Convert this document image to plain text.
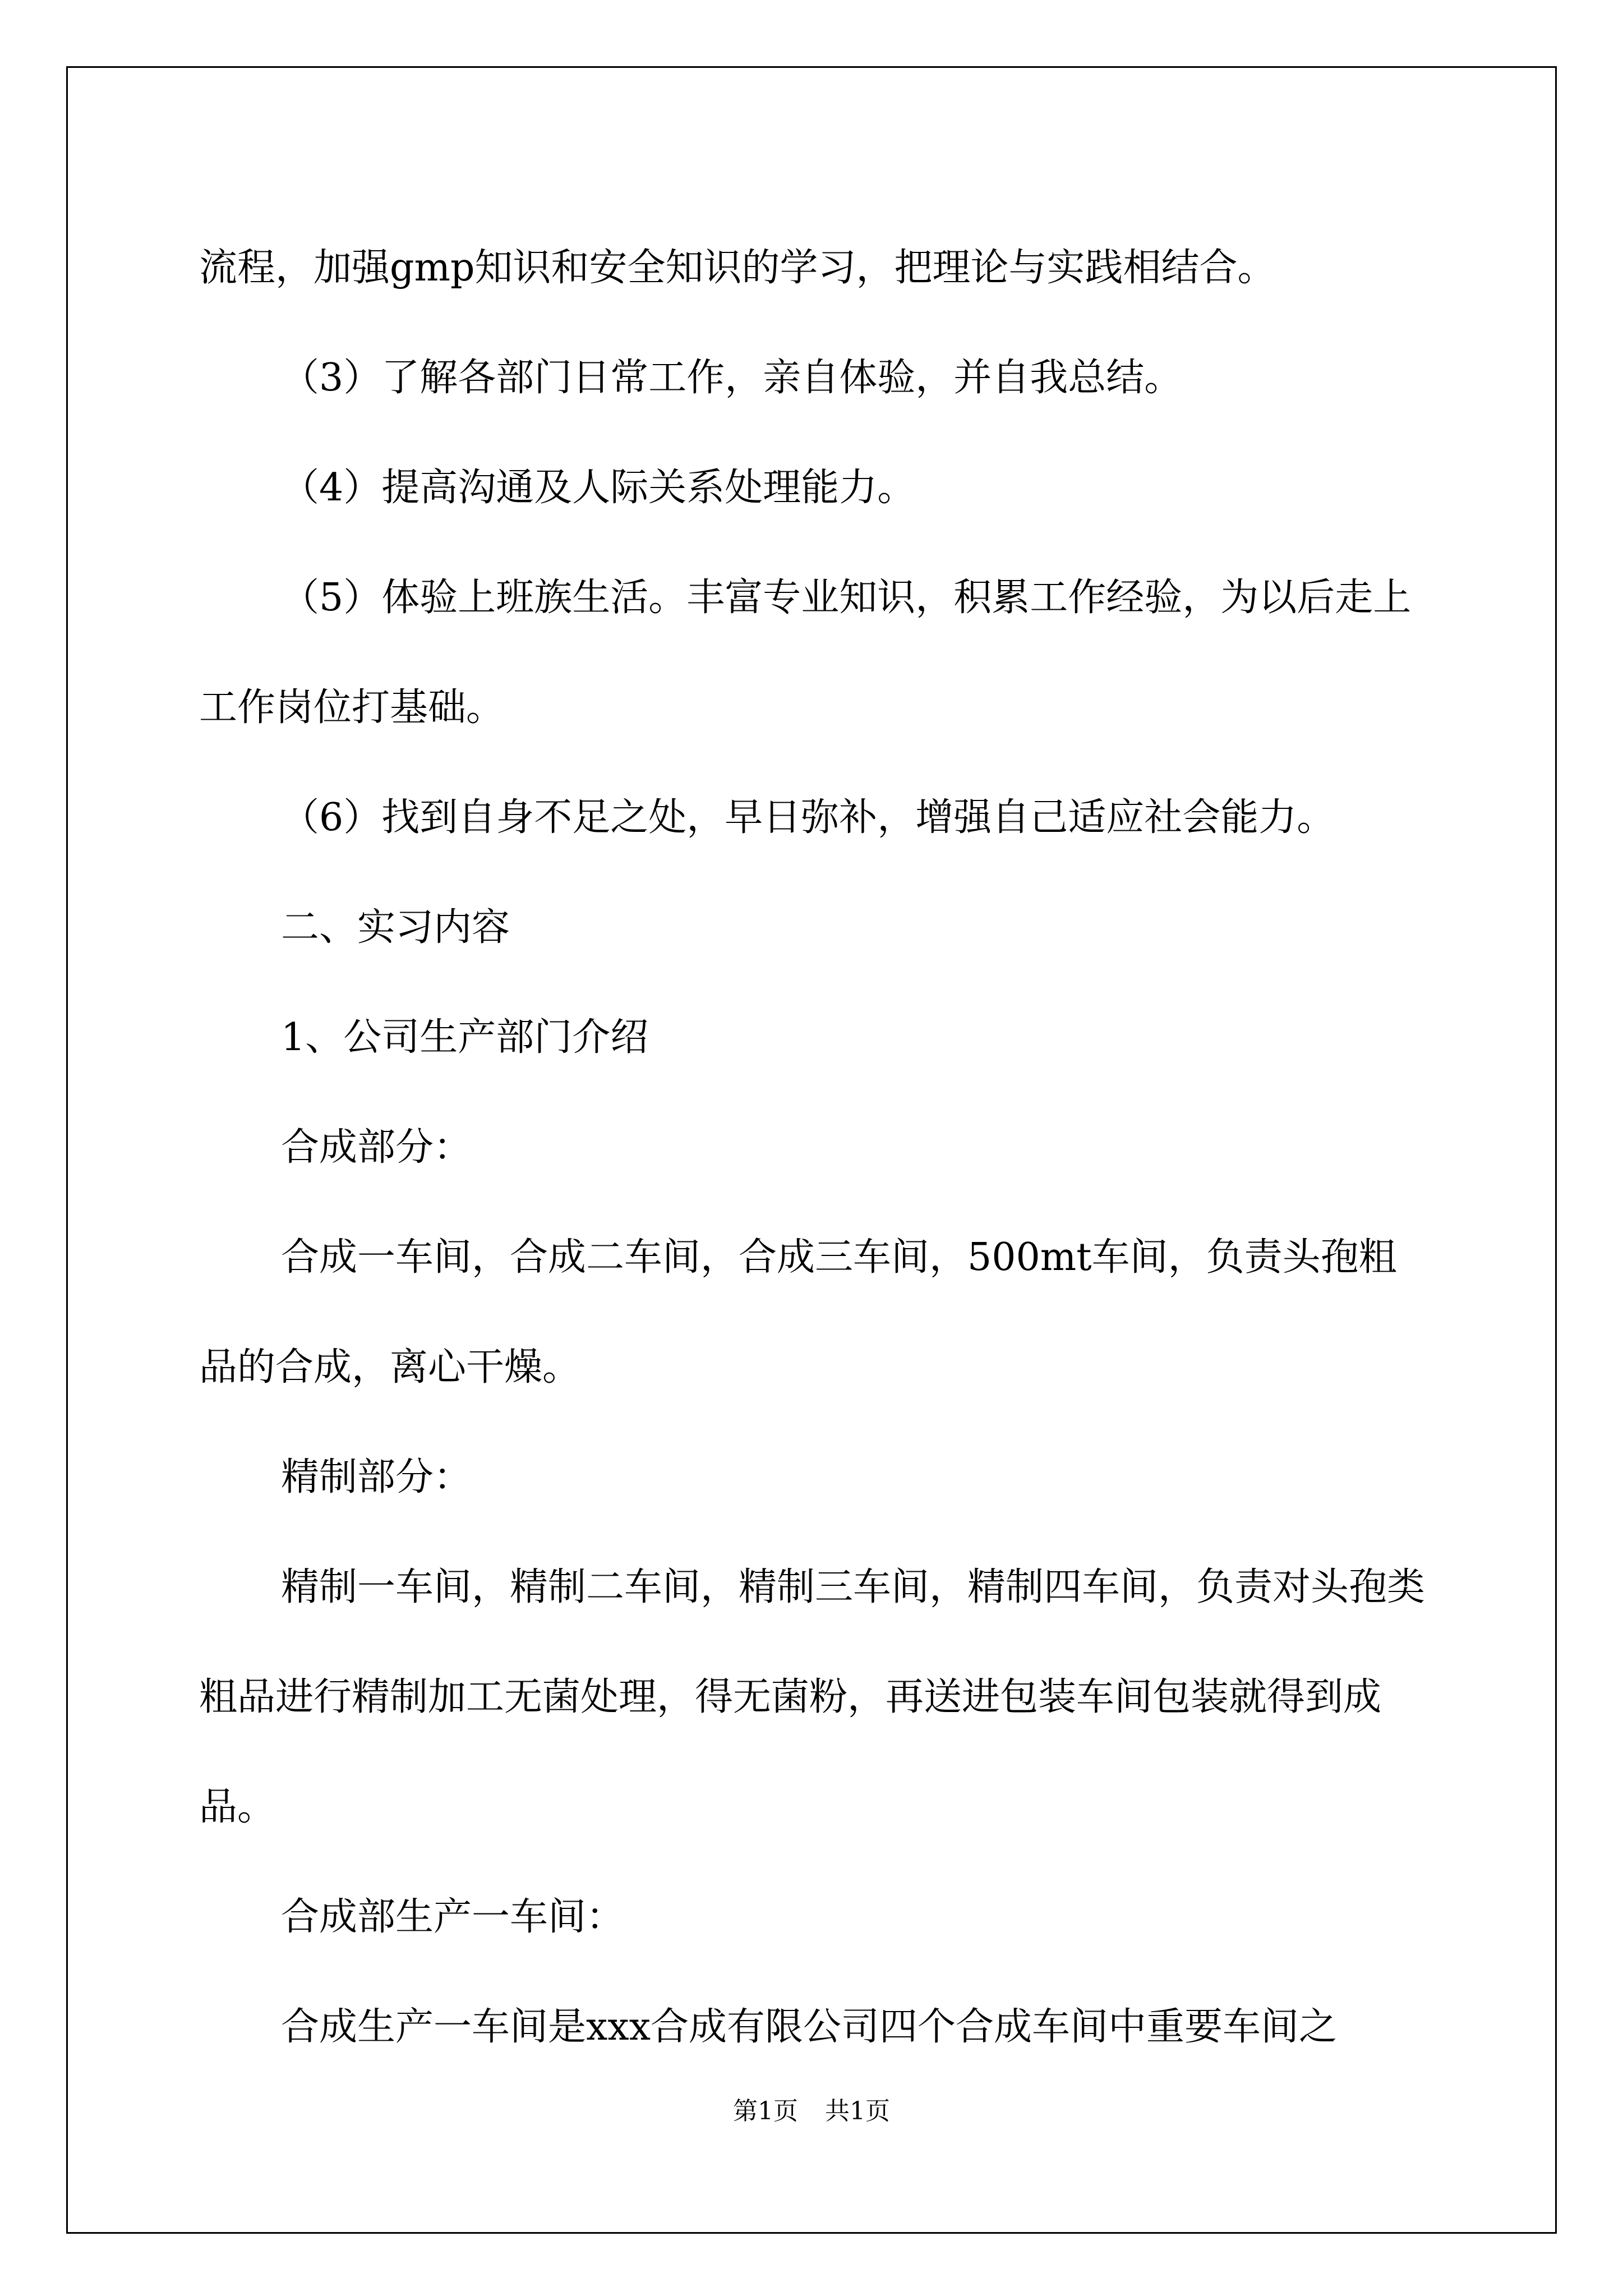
流程，加强gmp知识和安全知识的学习，把理论与实践相结合。

（3）了解各部门日常工作，亲自体验，并自我总结。

（4）提高沟通及人际关系处理能力。

（5）体验上班族生活。丰富专业知识，积累工作经验，为以后走上工作岗位打基础。

（6）找到自身不足之处，早日弥补，增强自己适应社会能力。

二、实习内容

1、公司生产部门介绍

合成部分：

合成一车间，合成二车间，合成三车间，500mt车间，负责头孢粗品的合成，离心干燥。

精制部分：

精制一车间，精制二车间，精制三车间，精制四车间，负责对头孢类粗品进行精制加工无菌处理，得无菌粉，再送进包装车间包装就得到成品。

合成部生产一车间：

合成生产一车间是xxx合成有限公司四个合成车间中重要车间之

第1页 共1页
